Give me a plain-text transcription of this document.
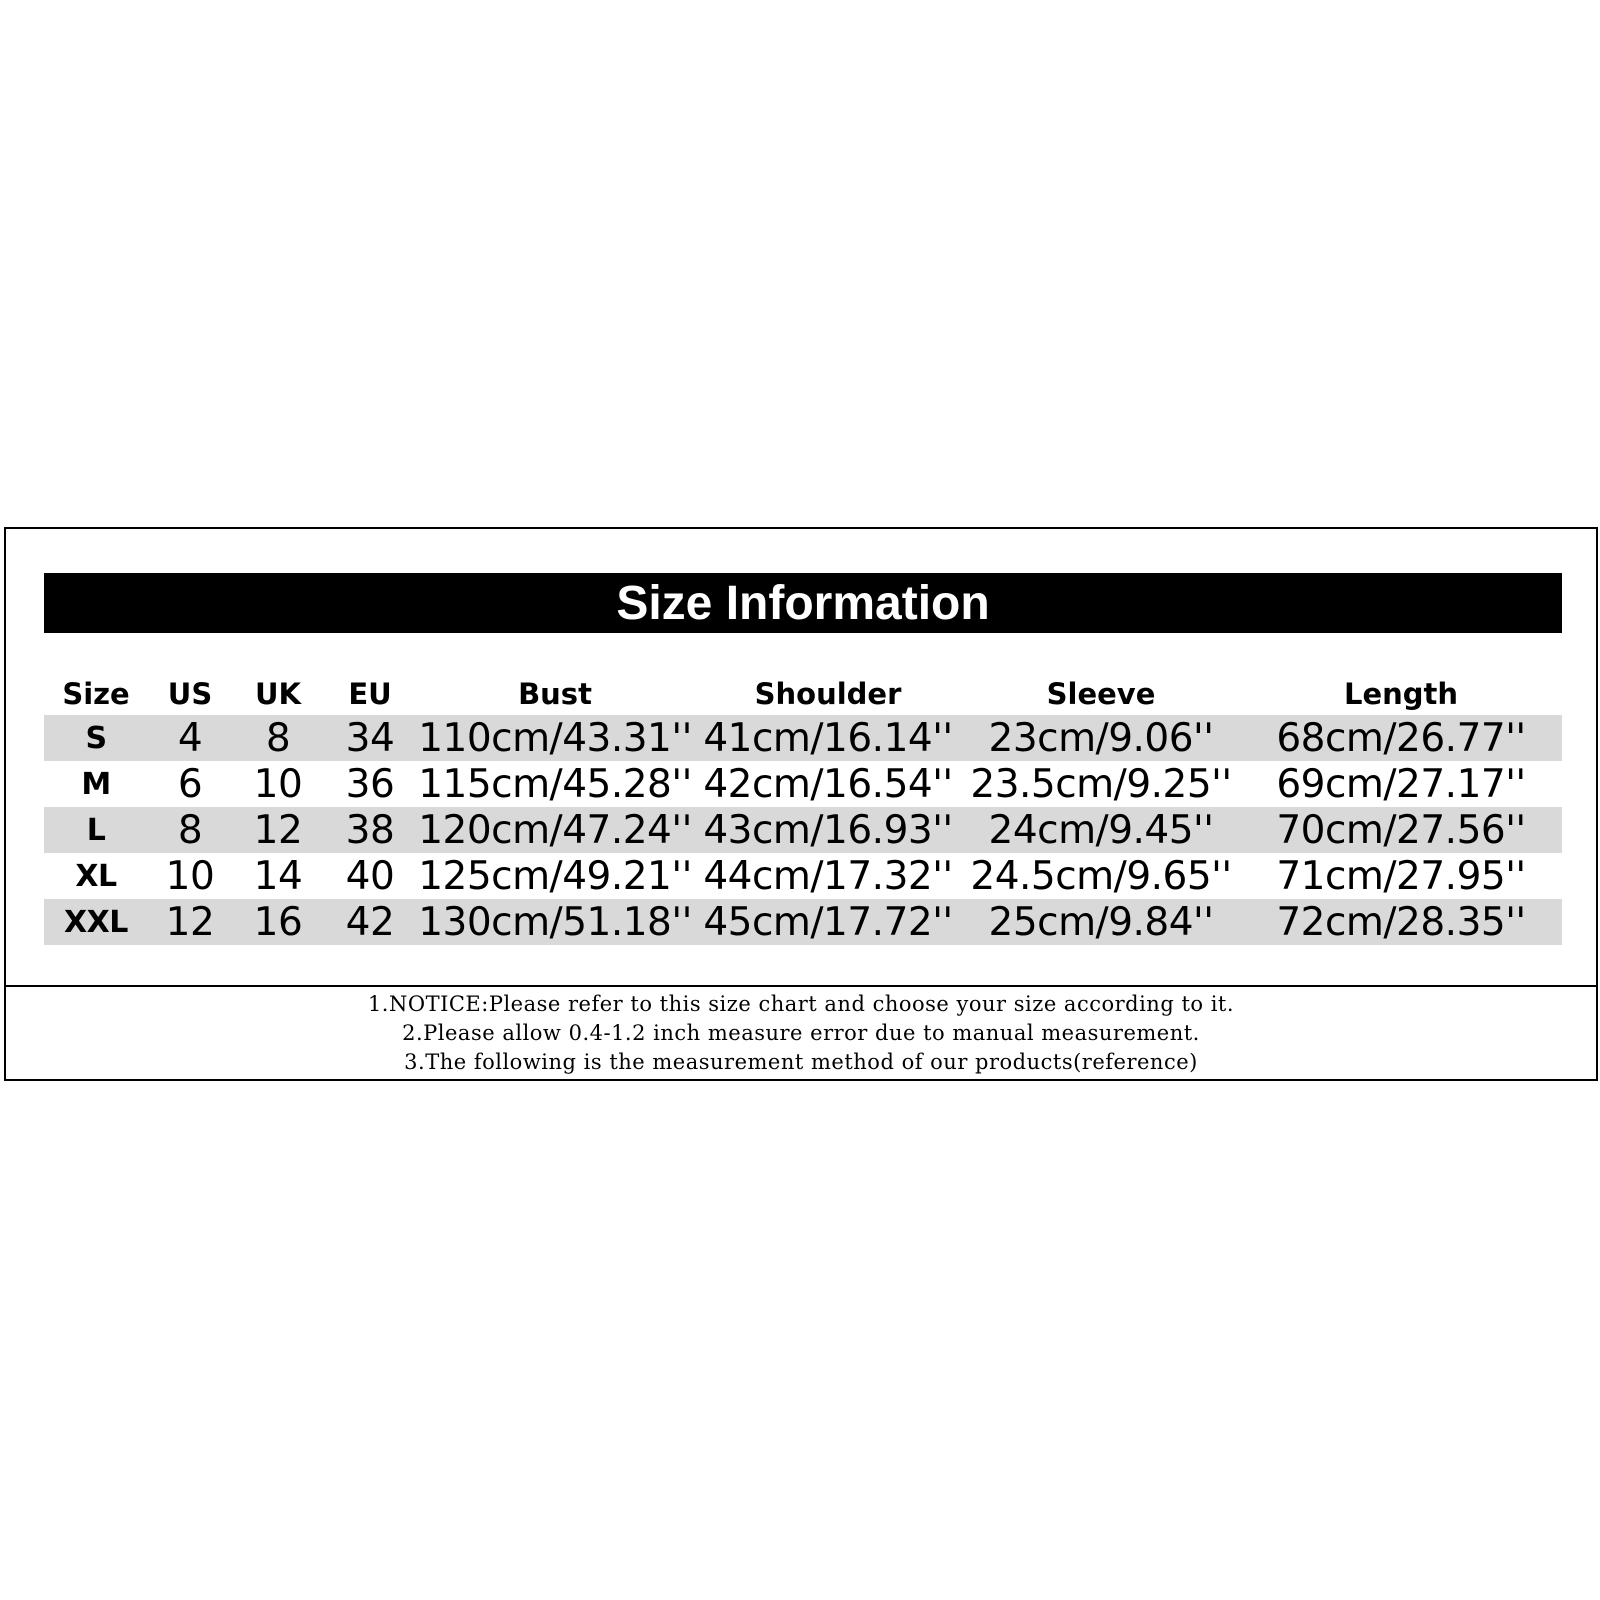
Size Information
Size	US	UK	EU	Bust	Shoulder	Sleeve	Length
S	4	8	34	110cm/43.31''	41cm/16.14''	23cm/9.06''	68cm/26.77''
M	6	10	36	115cm/45.28''	42cm/16.54''	23.5cm/9.25''	69cm/27.17''
L	8	12	38	120cm/47.24''	43cm/16.93''	24cm/9.45''	70cm/27.56''
XL	10	14	40	125cm/49.21''	44cm/17.32''	24.5cm/9.65''	71cm/27.95''
XXL	12	16	42	130cm/51.18''	45cm/17.72''	25cm/9.84''	72cm/28.35''
1.NOTICE:Please refer to this size chart and choose your size according to it.
2.Please allow 0.4-1.2 inch measure error due to manual measurement.
3.The following is the measurement method of our products(reference)
